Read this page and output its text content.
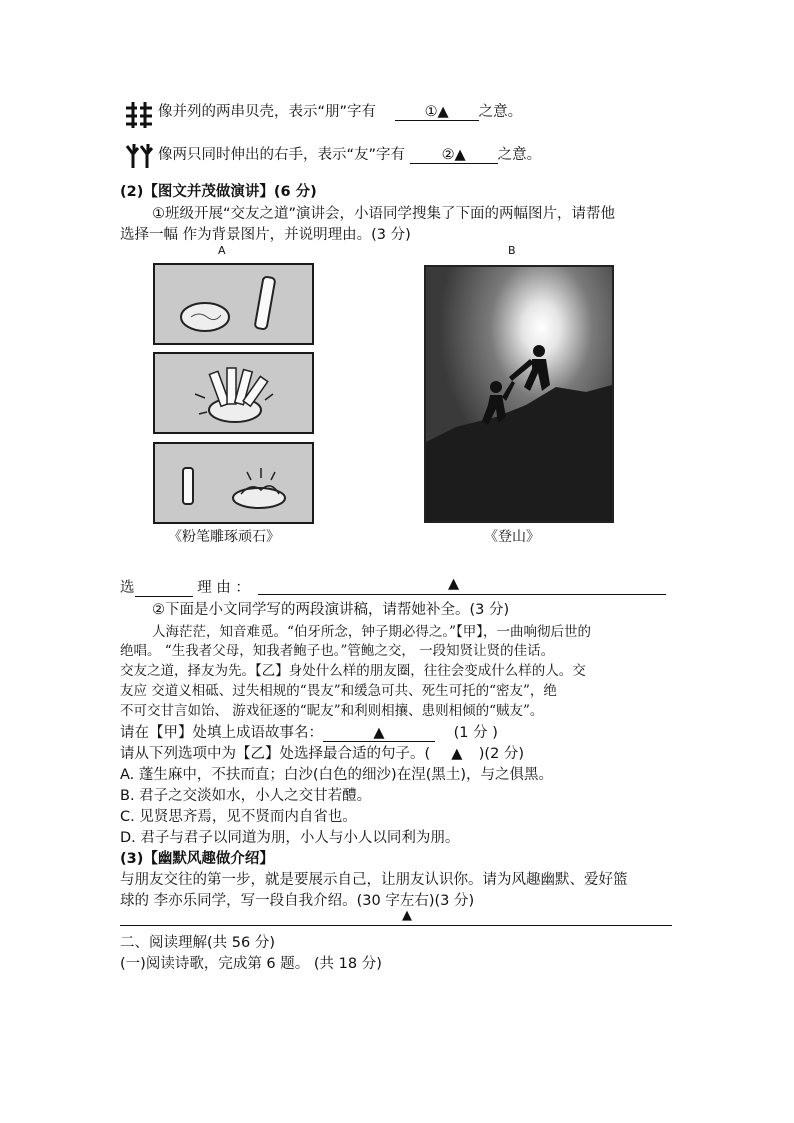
像并列的两串贝壳，表示“朋”字有	①▲ 之意。
像两只同时伸出的右手，表示“友”字有	②▲ 之意。
(2)【图文并茂做演讲】(6 分)
①班级开展“交友之道”演讲会，小语同学搜集了下面的两幅图片，请帮他
选择一幅 作为背景图片，并说明理由。(3 分)
A	B
《粉笔雕琢顽石》	《登山》
选	理 由 ：	▲
②下面是小文同学写的两段演讲稿，请帮她补全。(3 分)
人海茫茫，知音难觅。“伯牙所念，钟子期必得之。”【甲】，一曲响彻后世的
绝唱。 “生我者父母，知我者鲍子也。”管鲍之交， 一段知贤让贤的佳话。
交友之道，择友为先。【乙】身处什么样的朋友圈，往往会变成什么样的人。交
友应 交道义相砥、过失相规的“畏友”和缓急可共、死生可托的“密友”，绝
不可交甘言如饴、 游戏征逐的“昵友”和利则相攘、患则相倾的“贼友”。
请在【甲】处填上成语故事名：	▲	(1 分 )
请从下列选项中为【乙】处选择最合适的句子。( ▲ )(2 分)
A. 蓬生麻中，不扶而直；白沙(白色的细沙)在涅(黑土)，与之俱黑。
B. 君子之交淡如水，小人之交甘若醴。
C. 见贤思齐焉，见不贤而内自省也。
D. 君子与君子以同道为朋，小人与小人以同利为朋。
(3)【幽默风趣做介绍】
与朋友交往的第一步，就是要展示自己，让朋友认识你。请为风趣幽默、爱好篮
球的 李亦乐同学，写一段自我介绍。(30 字左右)(3 分)
▲
二、阅读理解(共 56 分)
(一)阅读诗歌，完成第 6 题。 (共 18 分)
